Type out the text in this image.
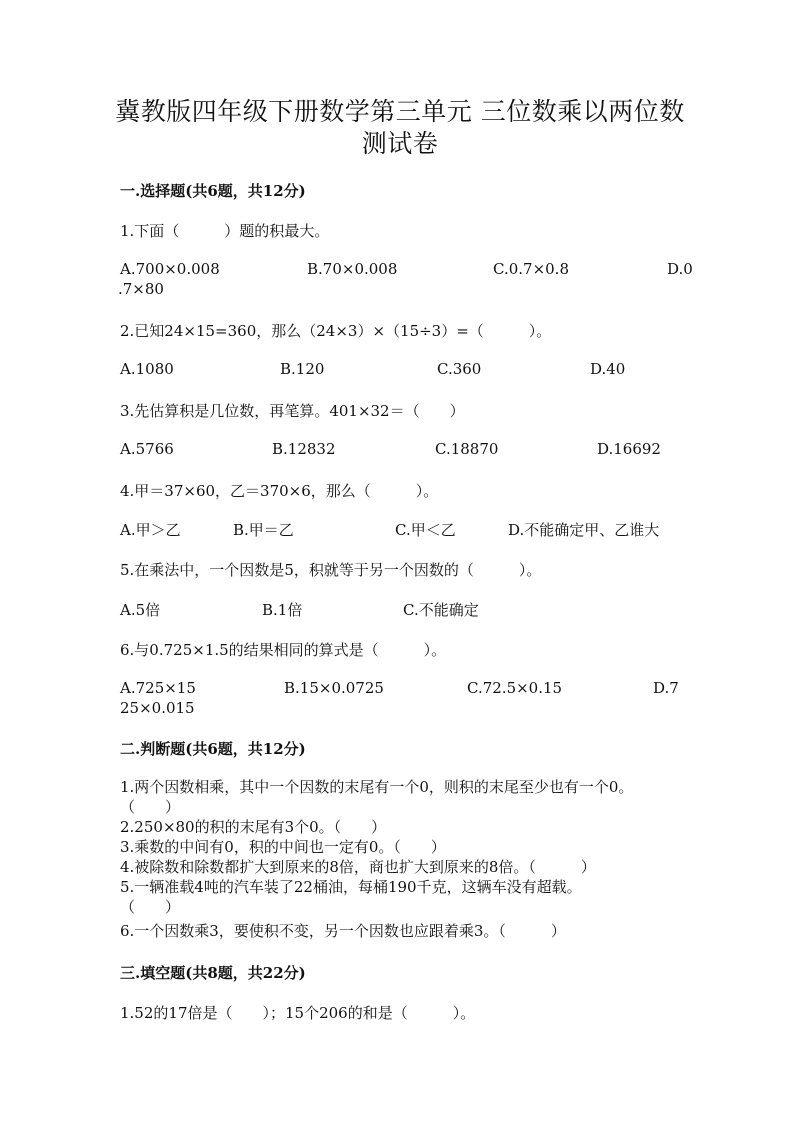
冀教版四年级下册数学第三单元 三位数乘以两位数
测试卷
一.选择题(共6题，共12分)
1.下面（　　　）题的积最大。
A.700×0.008	B.70×0.008	C.0.7×0.8	D.0
.7×80
2.已知24×15=360，那么（24×3）×（15÷3）=（　　　）。
A.1080	B.120	C.360	D.40
3.先估算积是几位数，再笔算。401×32＝（　　）
A.5766	B.12832	C.18870	D.16692
4.甲＝37×60，乙＝370×6，那么（　　　）。
A.甲＞乙	B.甲＝乙	C.甲＜乙	D.不能确定甲、乙谁大
5.在乘法中，一个因数是5，积就等于另一个因数的（　　　）。
A.5倍	B.1倍	C.不能确定
6.与0.725×1.5的结果相同的算式是（　　　）。
A.725×15	B.15×0.0725	C.72.5×0.15	D.7
25×0.015
二.判断题(共6题，共12分)
1.两个因数相乘，其中一个因数的末尾有一个0，则积的末尾至少也有一个0。
（　　）
2.250×80的积的末尾有3个0。（　　）
3.乘数的中间有0，积的中间也一定有0。（　　）
4.被除数和除数都扩大到原来的8倍，商也扩大到原来的8倍。（　　　）
5.一辆准载4吨的汽车装了22桶油，每桶190千克，这辆车没有超载。
（　　）
6.一个因数乘3，要使积不变，另一个因数也应跟着乘3。（　　　）
三.填空题(共8题，共22分)
1.52的17倍是（　　）；15个206的和是（　　　）。
